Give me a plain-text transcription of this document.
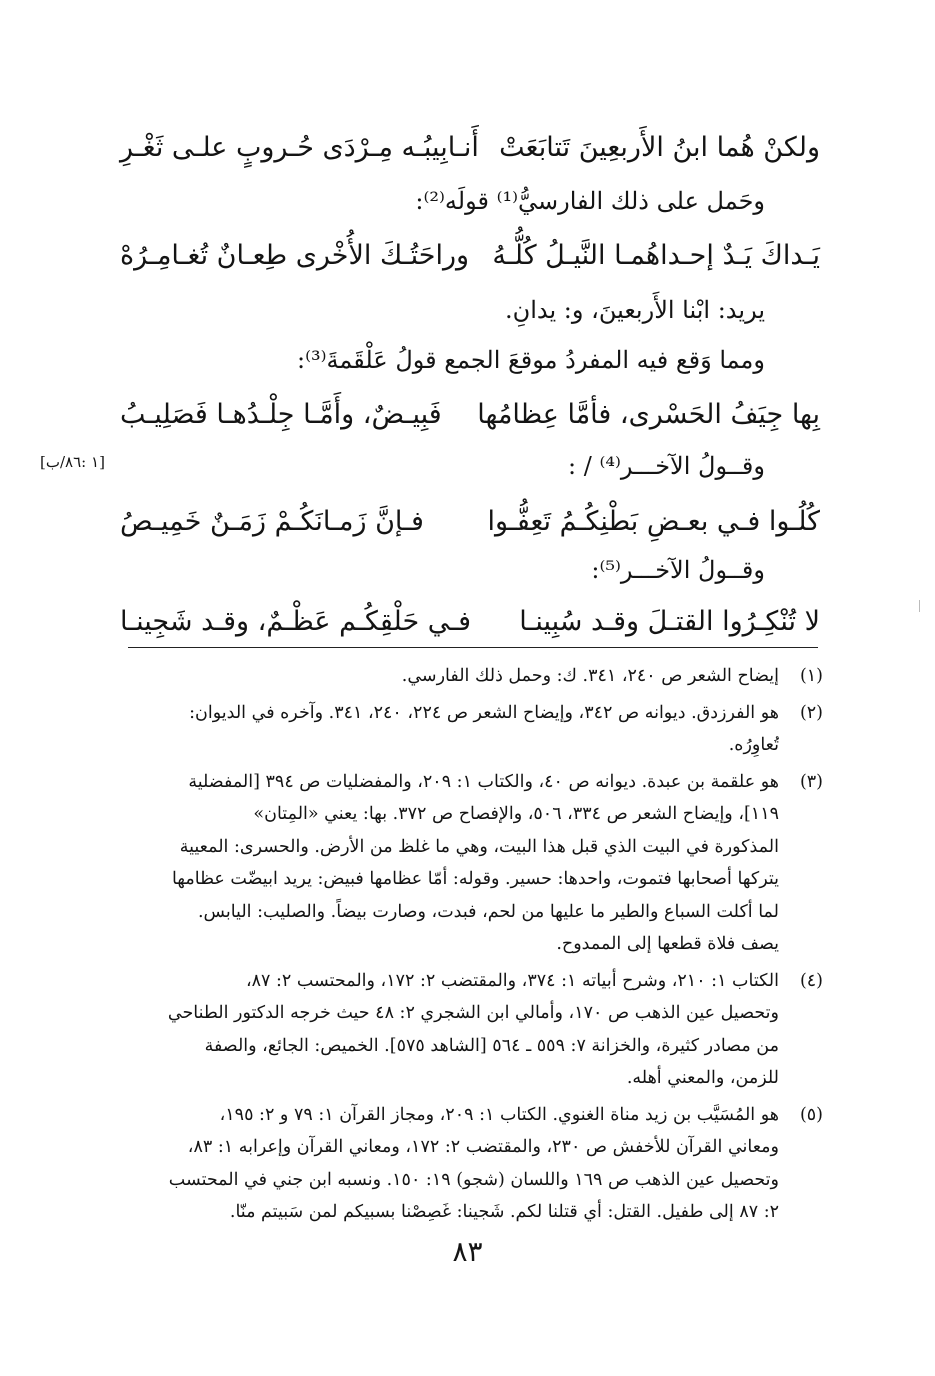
ولكنْ هُما ابنُ الأَربعِينَ تَتابَعَتْ
أَنـابِيبُـه مِـرْدَى حُـروبٍ علـى ثَغْـرِ
وحَمل على ذلك الفارسيُّ⁽¹⁾ قولَه⁽²⁾:
يَـداكَ يَـدٌ إحـداهُمـا النَّيـلُ كُلُّـهُ
وراحَتُـكَ الأُخْرى طِعـانٌ تُغـامِـرُهْ
يريد: ابْنا الأَربعينَ، و: يدانِ.
ومما وَقع فيه المفردُ موقعَ الجمع قولُ عَلْقَمةَ⁽³⁾:
بِها جِيَفُ الحَسْرى، فأمَّا عِظامُها
فَبِيـضٌ، وأَمَّـا جِلْـدُهـا فَصَلِيـبُ
وقــولُ الآخـــر⁽⁴⁾ / :
[١ :٨٦/ب]
كُلُـوا فـي بعـضِ بَطْنِكُـمُ تَعِفُّـوا
فـإنَّ زَمـانَكُـمْ زَمَـنٌ خَمِيـصُ
وقــولُ الآخـــر⁽⁵⁾:
لا تُنْكِـرُوا القتـلَ وقـد سُبِينـا
فـي حَلْقِكُـم عَظْـمٌ، وقـد شَجِينـا
(١)
إيضاح الشعر ص ٢٤٠، ٣٤١. ك: وحمل ذلك الفارسي.
(٢)
هو الفرزدق. ديوانه ص ٣٤٢، وإيضاح الشعر ص ٢٢٤، ٢٤٠، ٣٤١. وآخره في الديوان:
تُعاوِرُه.
(٣)
هو علقمة بن عبدة. ديوانه ص ٤٠، والكتاب ١: ٢٠٩، والمفضليات ص ٣٩٤ [المفضلية
١١٩]، وإيضاح الشعر ص ٣٣٤، ٥٠٦، والإفصاح ص ٣٧٢. بها: يعني «المِتان»
المذكورة في البيت الذي قبل هذا البيت، وهي ما غلظ من الأرض. والحسرى: المعيية
يتركها أصحابها فتموت، واحدها: حسير. وقوله: أمّا عظامها فبيض: يريد ابيضّت عظامها
لما أكلت السباع والطير ما عليها من لحم، فبدت، وصارت بيضاً. والصليب: اليابس.
يصف فلاة قطعها إلى الممدوح.
(٤)
الكتاب ١: ٢١٠، وشرح أبياته ١: ٣٧٤، والمقتضب ٢: ١٧٢، والمحتسب ٢: ٨٧،
وتحصيل عين الذهب ص ١٧٠، وأمالي ابن الشجري ٢: ٤٨ حيث خرجه الدكتور الطناحي
من مصادر كثيرة، والخزانة ٧: ٥٥٩ ـ ٥٦٤ [الشاهد ٥٧٥]. الخميص: الجائع، والصفة
للزمن، والمعني أهله.
(٥)
هو المُسَيَّب بن زيد مناة الغنوي. الكتاب ١: ٢٠٩، ومجاز القرآن ١: ٧٩ و ٢: ١٩٥،
ومعاني القرآن للأخفش ص ٢٣٠، والمقتضب ٢: ١٧٢، ومعاني القرآن وإعرابه ١: ٨٣،
وتحصيل عين الذهب ص ١٦٩ واللسان (شجو) ١٩: ١٥٠. ونسبه ابن جني في المحتسب
٢: ٨٧ إلى طفيل. القتل: أي قتلنا لكم. شَجينا: غَصِصْنا بسبيكم لمن سَبيتم منّا.
٨٣
